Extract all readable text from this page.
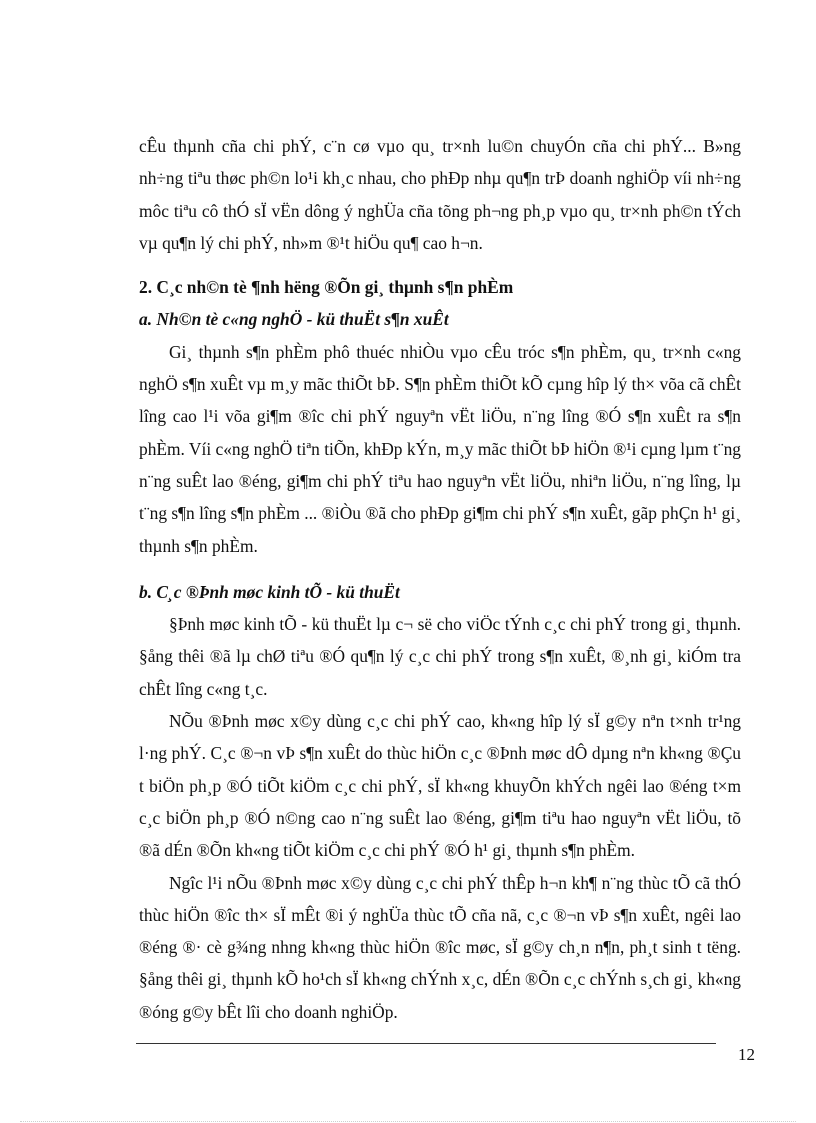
cÊu thµnh cña chi phÝ, c¨n cø vµo qu¸ tr×nh lu©n chuyÓn cña chi phÝ... B»ng nh÷ng tiªu thøc ph©n lo¹i kh¸c nhau, cho phÐp nhµ qu¶n trÞ doanh nghiÖp víi nh÷ng môc tiªu cô thÓ sÏ vËn dông ý nghÜa cña tõng ph¬ng ph¸p vµo qu¸ tr×nh ph©n tÝch vµ qu¶n lý chi phÝ, nh»m ®¹t hiÖu qu¶ cao h¬n.

2. C¸c nh©n tè ¶nh hëng ®Õn gi¸ thµnh s¶n phÈm

a. Nh©n tè c«ng nghÖ - kü thuËt s¶n xuÊt

Gi¸ thµnh s¶n phÈm phô thuéc nhiÒu vµo cÊu tróc s¶n phÈm, qu¸ tr×nh c«ng nghÖ s¶n xuÊt vµ m¸y mãc thiÕt bÞ. S¶n phÈm thiÕt kÕ cµng hîp lý th× võa cã chÊt lîng cao l¹i võa gi¶m ®îc chi phÝ nguyªn vËt liÖu, n¨ng lîng ®Ó s¶n xuÊt ra s¶n phÈm. Víi c«ng nghÖ tiªn tiÕn, khÐp kÝn, m¸y mãc thiÕt bÞ hiÖn ®¹i cµng lµm t¨ng n¨ng suÊt lao ®éng, gi¶m chi phÝ tiªu hao nguyªn vËt liÖu, nhiªn liÖu, n¨ng lîng, lµ t¨ng s¶n lîng s¶n phÈm ... ®iÒu ®ã cho phÐp gi¶m chi phÝ s¶n xuÊt, gãp phÇn h¹ gi¸ thµnh s¶n phÈm.

b. C¸c ®Þnh møc kinh tÕ - kü thuËt

§Þnh møc kinh tÕ - kü thuËt lµ c¬ së cho viÖc tÝnh c¸c chi phÝ trong gi¸ thµnh. §ång thêi ®ã lµ chØ tiªu ®Ó qu¶n lý c¸c chi phÝ trong s¶n xuÊt, ®¸nh gi¸ kiÓm tra chÊt lîng c«ng t¸c.

NÕu ®Þnh møc x©y dùng c¸c chi phÝ cao, kh«ng hîp lý sÏ g©y nªn t×nh tr¹ng l·ng phÝ. C¸c ®¬n vÞ s¶n xuÊt do thùc hiÖn c¸c ®Þnh møc dÔ dµng nªn kh«ng ®Çu t biÖn ph¸p ®Ó tiÕt kiÖm c¸c chi phÝ, sÏ kh«ng khuyÕn khÝch ngêi lao ®éng t×m c¸c biÖn ph¸p ®Ó n©ng cao n¨ng suÊt lao ®éng, gi¶m tiªu hao nguyªn vËt liÖu, tõ ®ã dÉn ®Õn kh«ng tiÕt kiÖm c¸c chi phÝ ®Ó h¹ gi¸ thµnh s¶n phÈm.

Ngîc l¹i nÕu ®Þnh møc x©y dùng c¸c chi phÝ thÊp h¬n kh¶ n¨ng thùc tÕ cã thÓ thùc hiÖn ®îc th× sÏ mÊt ®i ý nghÜa thùc tÕ cña nã, c¸c ®¬n vÞ s¶n xuÊt, ngêi lao ®éng ®· cè g¾ng nhng kh«ng thùc hiÖn ®îc møc, sÏ g©y ch¸n n¶n, ph¸t sinh t tëng. §ång thêi gi¸ thµnh kÕ ho¹ch sÏ kh«ng chÝnh x¸c, dÉn ®Õn c¸c chÝnh s¸ch gi¸ kh«ng ®óng g©y bÊt lîi cho doanh nghiÖp.

12
